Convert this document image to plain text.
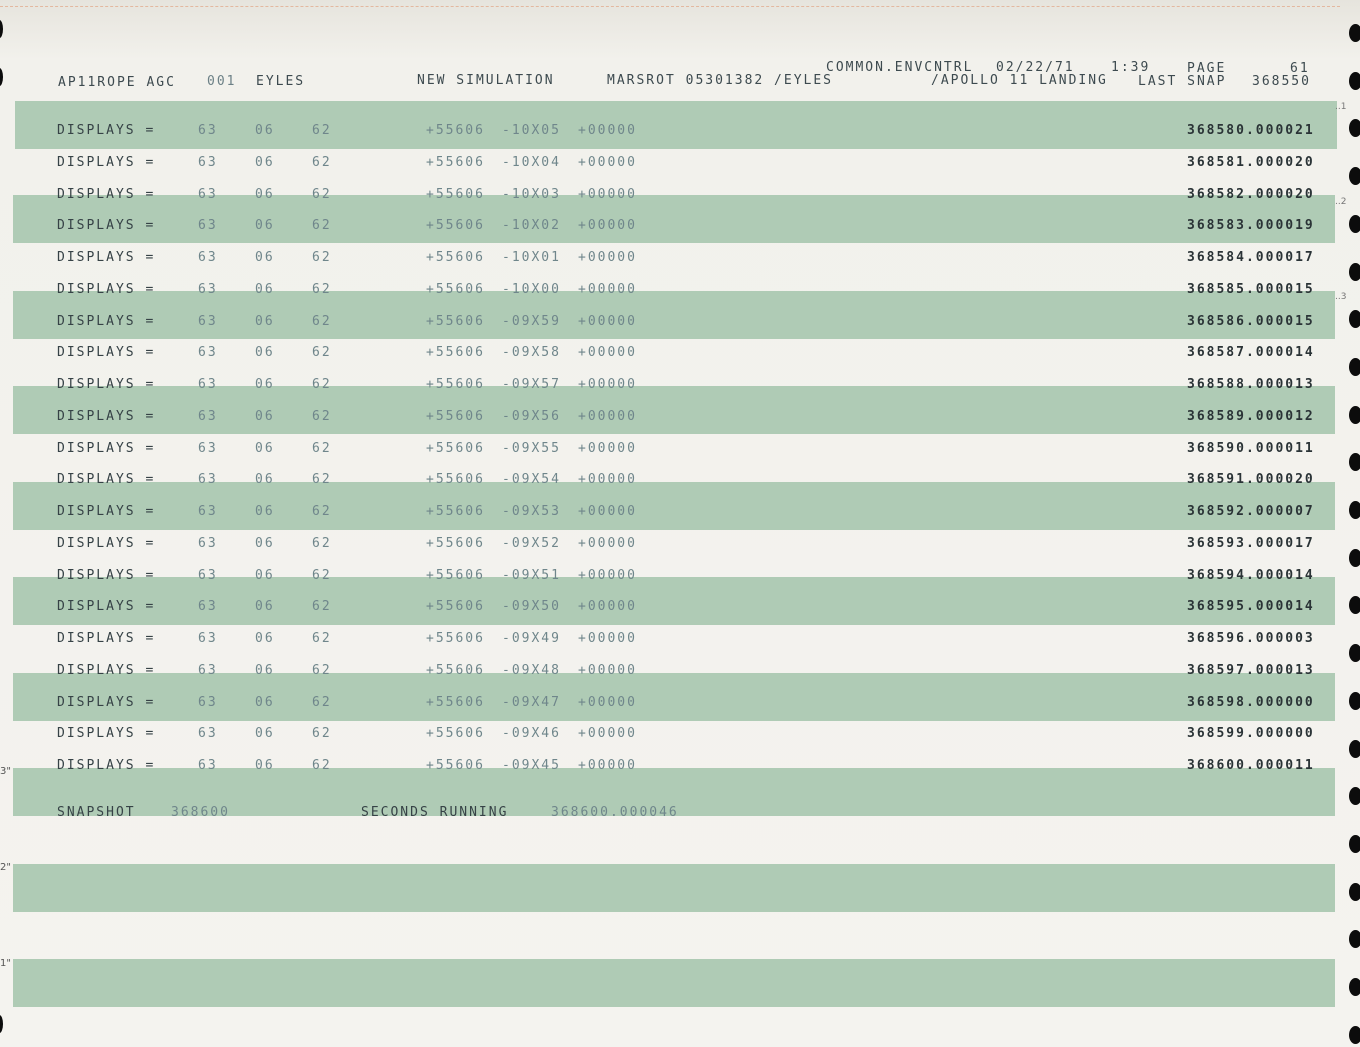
AP11ROPE AGC 001 EYLES	NEW SIMULATION	MARSROT 05301382 /EYLES
COMMON.ENVCNTRL 02/22/71	1:39	PAGE	61
/APOLLO 11 LANDING LAST SNAP 368550
DISPLAYS =	63	06	62	+55606 -10X05 +00000	368580.000021
DISPLAYS =	63	06	62	+55606 -10X04 +00000	368581.000020
DISPLAYS =	63	06	62	+55606 -10X03 +00000	368582.000020
DISPLAYS =	63	06	62	+55606 -10X02 +00000	368583.000019
DISPLAYS =	63	06	62	+55606 -10X01 +00000	368584.000017
DISPLAYS =	63	06	62	+55606 -10X00 +00000	368585.000015
DISPLAYS =	63	06	62	+55606 -09X59 +00000	368586.000015
DISPLAYS =	63	06	62	+55606 -09X58 +00000	368587.000014
DISPLAYS =	63	06	62	+55606 -09X57 +00000	368588.000013
DISPLAYS =	63	06	62	+55606 -09X56 +00000	368589.000012
DISPLAYS =	63	06	62	+55606 -09X55 +00000	368590.000011
DISPLAYS =	63	06	62	+55606 -09X54 +00000	368591.000020
DISPLAYS =	63	06	62	+55606 -09X53 +00000	368592.000007
DISPLAYS =	63	06	62	+55606 -09X52 +00000	368593.000017
DISPLAYS =	63	06	62	+55606 -09X51 +00000	368594.000014
DISPLAYS =	63	06	62	+55606 -09X50 +00000	368595.000014
DISPLAYS =	63	06	62	+55606 -09X49 +00000	368596.000003
DISPLAYS =	63	06	62	+55606 -09X48 +00000	368597.000013
DISPLAYS =	63	06	62	+55606 -09X47 +00000	368598.000000
DISPLAYS =	63	06	62	+55606 -09X46 +00000	368599.000000
DISPLAYS =	63	06	62	+55606 -09X45 +00000	368600.000011
SNAPSHOT	368600	SECONDS RUNNING	368600.000046
3"
2"
1"
..1
..2
..3
